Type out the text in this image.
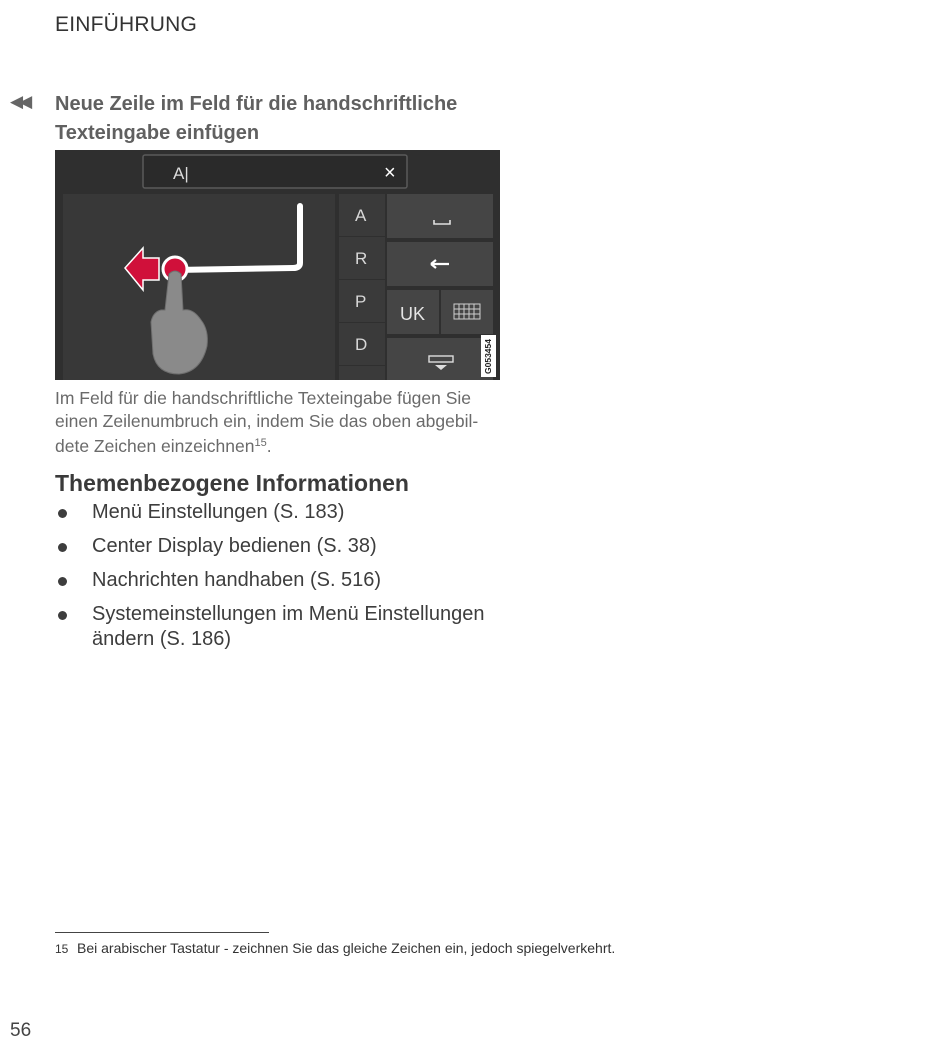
EINFÜHRUNG
◀◀ Neue Zeile im Feld für die handschriftliche
Texteingabe einfügen
A|	×
A
R
P
D
UK
G053454
Im Feld für die handschriftliche Texteingabe fügen Sie einen Zeilenumbruch ein, indem Sie das oben abgebil- dete Zeichen einzeichnen$^{15}$.
Themenbezogene Informationen
Menü Einstellungen (S. 183)
Center Display bedienen (S. 38)
Nachrichten handhaben (S. 516)
Systemeinstellungen im Menü Einstellungen ändern (S. 186)
15 Bei arabischer Tastatur - zeichnen Sie das gleiche Zeichen ein, jedoch spiegelverkehrt.
56
